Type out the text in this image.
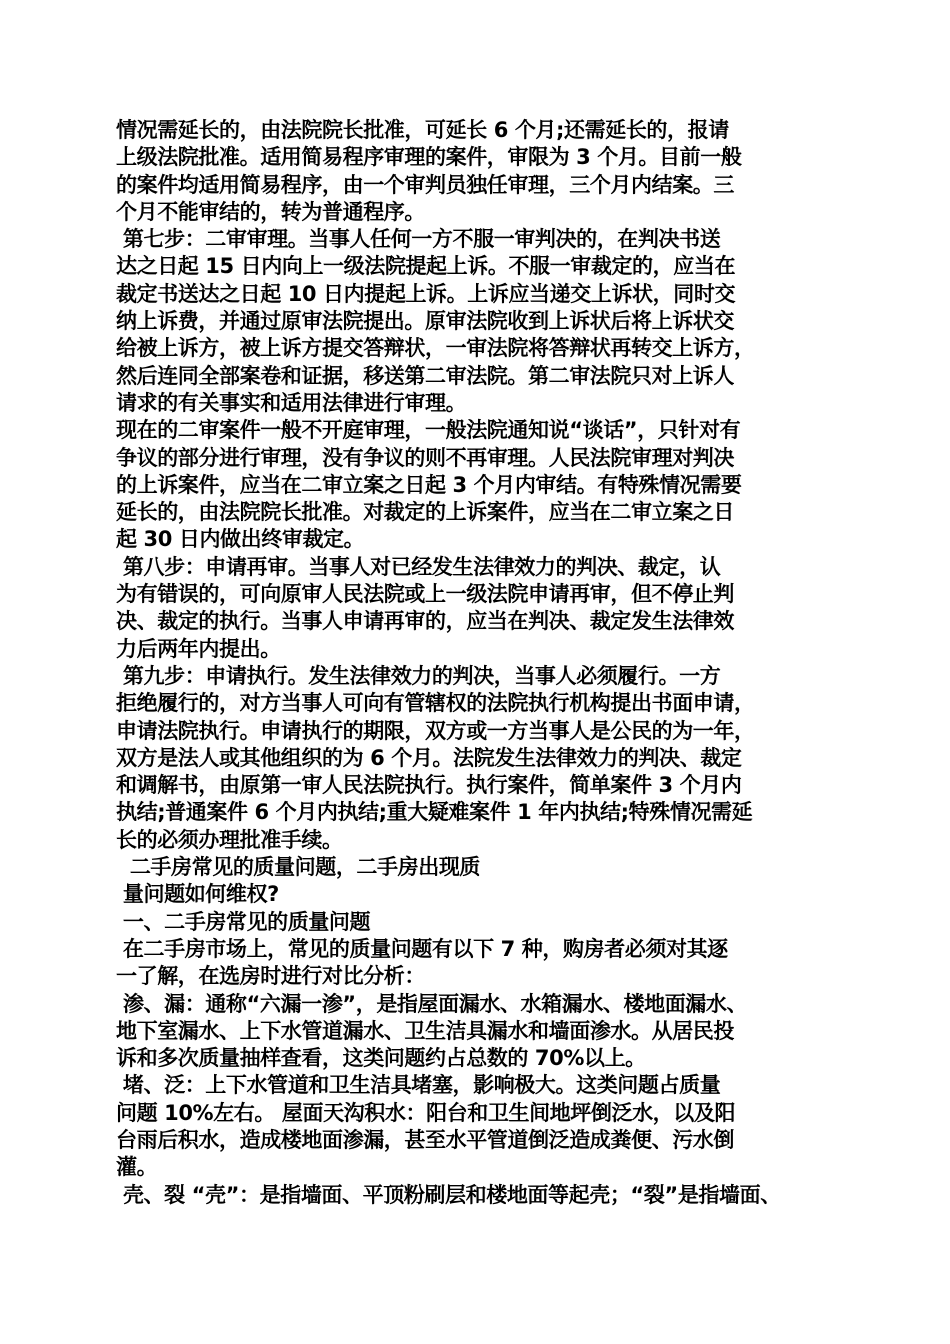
情况需延长的，由法院院长批准，可延长 6 个月;还需延长的，报请
上级法院批准。适用简易程序审理的案件，审限为 3 个月。目前一般
的案件均适用简易程序，由一个审判员独任审理，三个月内结案。三
个月不能审结的，转为普通程序。
第七步：二审审理。当事人任何一方不服一审判决的，在判决书送
达之日起 15 日内向上一级法院提起上诉。不服一审裁定的，应当在
裁定书送达之日起 10 日内提起上诉。上诉应当递交上诉状，同时交
纳上诉费，并通过原审法院提出。原审法院收到上诉状后将上诉状交
给被上诉方，被上诉方提交答辩状，一审法院将答辩状再转交上诉方，
然后连同全部案卷和证据，移送第二审法院。第二审法院只对上诉人
请求的有关事实和适用法律进行审理。
现在的二审案件一般不开庭审理，一般法院通知说“谈话”，只针对有
争议的部分进行审理，没有争议的则不再审理。人民法院审理对判决
的上诉案件，应当在二审立案之日起 3 个月内审结。有特殊情况需要
延长的，由法院院长批准。对裁定的上诉案件，应当在二审立案之日
起 30 日内做出终审裁定。
第八步：申请再审。当事人对已经发生法律效力的判决、裁定，认
为有错误的，可向原审人民法院或上一级法院申请再审，但不停止判
决、裁定的执行。当事人申请再审的，应当在判决、裁定发生法律效
力后两年内提出。
第九步：申请执行。发生法律效力的判决，当事人必须履行。一方
拒绝履行的，对方当事人可向有管辖权的法院执行机构提出书面申请，
申请法院执行。申请执行的期限，双方或一方当事人是公民的为一年，
双方是法人或其他组织的为 6 个月。法院发生法律效力的判决、裁定
和调解书，由原第一审人民法院执行。执行案件，简单案件 3 个月内
执结;普通案件 6 个月内执结;重大疑难案件 1 年内执结;特殊情况需延
长的必须办理批准手续。
二手房常见的质量问题，二手房出现质
量问题如何维权?
一、二手房常见的质量问题
在二手房市场上，常见的质量问题有以下 7 种，购房者必须对其逐
一了解，在选房时进行对比分析：
渗、漏：通称“六漏一渗”，是指屋面漏水、水箱漏水、楼地面漏水、
地下室漏水、上下水管道漏水、卫生洁具漏水和墙面渗水。从居民投
诉和多次质量抽样查看，这类问题约占总数的 70%以上。
堵、泛：上下水管道和卫生洁具堵塞，影响极大。这类问题占质量
问题 10%左右。 屋面天沟积水：阳台和卫生间地坪倒泛水，以及阳
台雨后积水，造成楼地面渗漏，甚至水平管道倒泛造成粪便、污水倒
灌。
壳、裂 “壳”：是指墙面、平顶粉刷层和楼地面等起壳；“裂”是指墙面、
